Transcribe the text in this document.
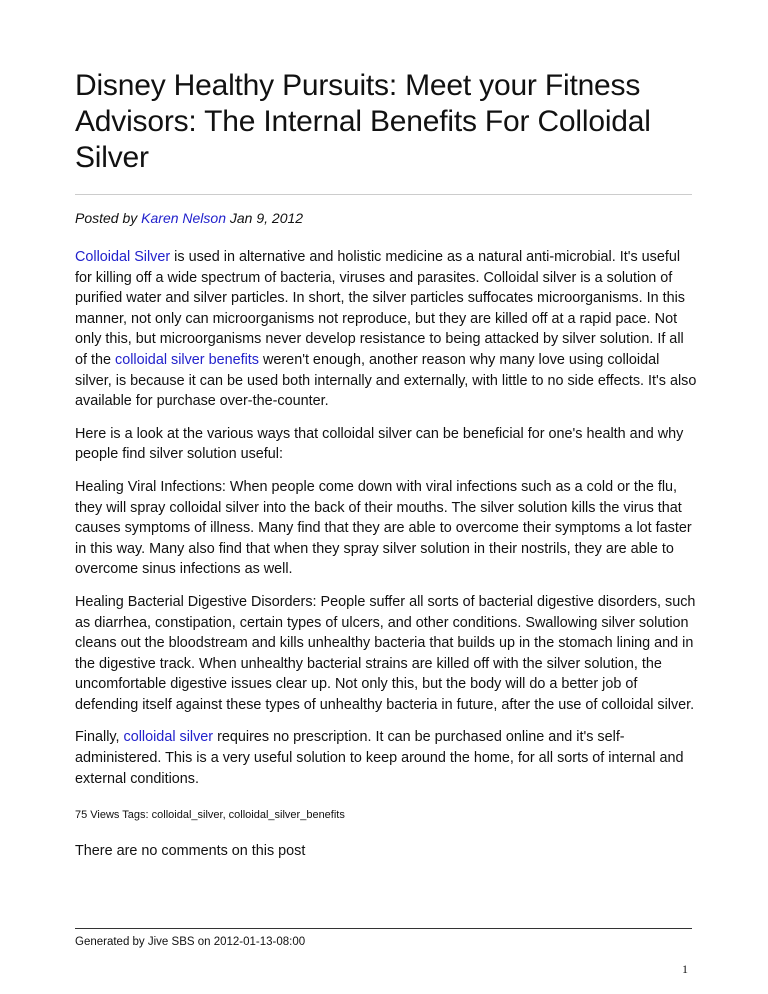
Disney Healthy Pursuits: Meet your Fitness Advisors: The Internal Benefits For Colloidal Silver
Posted by Karen Nelson Jan 9, 2012

Colloidal Silver is used in alternative and holistic medicine as a natural anti-microbial. It's useful for killing off a wide spectrum of bacteria, viruses and parasites. Colloidal silver is a solution of purified water and silver particles. In short, the silver particles suffocates microorganisms. In this manner, not only can microorganisms not reproduce, but they are killed off at a rapid pace. Not only this, but microorganisms never develop resistance to being attacked by silver solution. If all of the colloidal silver benefits weren't enough, another reason why many love using colloidal silver, is because it can be used both internally and externally, with little to no side effects. It's also available for purchase over-the-counter.

Here is a look at the various ways that colloidal silver can be beneficial for one's health and why people find silver solution useful:

Healing Viral Infections: When people come down with viral infections such as a cold or the flu, they will spray colloidal silver into the back of their mouths. The silver solution kills the virus that causes symptoms of illness. Many find that they are able to overcome their symptoms a lot faster in this way. Many also find that when they spray silver solution in their nostrils, they are able to overcome sinus infections as well.

Healing Bacterial Digestive Disorders: People suffer all sorts of bacterial digestive disorders, such as diarrhea, constipation, certain types of ulcers, and other conditions. Swallowing silver solution cleans out the bloodstream and kills unhealthy bacteria that builds up in the stomach lining and in the digestive track. When unhealthy bacterial strains are killed off with the silver solution, the uncomfortable digestive issues clear up. Not only this, but the body will do a better job of defending itself against these types of unhealthy bacteria in future, after the use of colloidal silver.

Finally, colloidal silver requires no prescription. It can be purchased online and it's self-administered. This is a very useful solution to keep around the home, for all sorts of internal and external conditions.

75 Views Tags: colloidal_silver, colloidal_silver_benefits
There are no comments on this post
Generated by Jive SBS on 2012-01-13-08:00
1
